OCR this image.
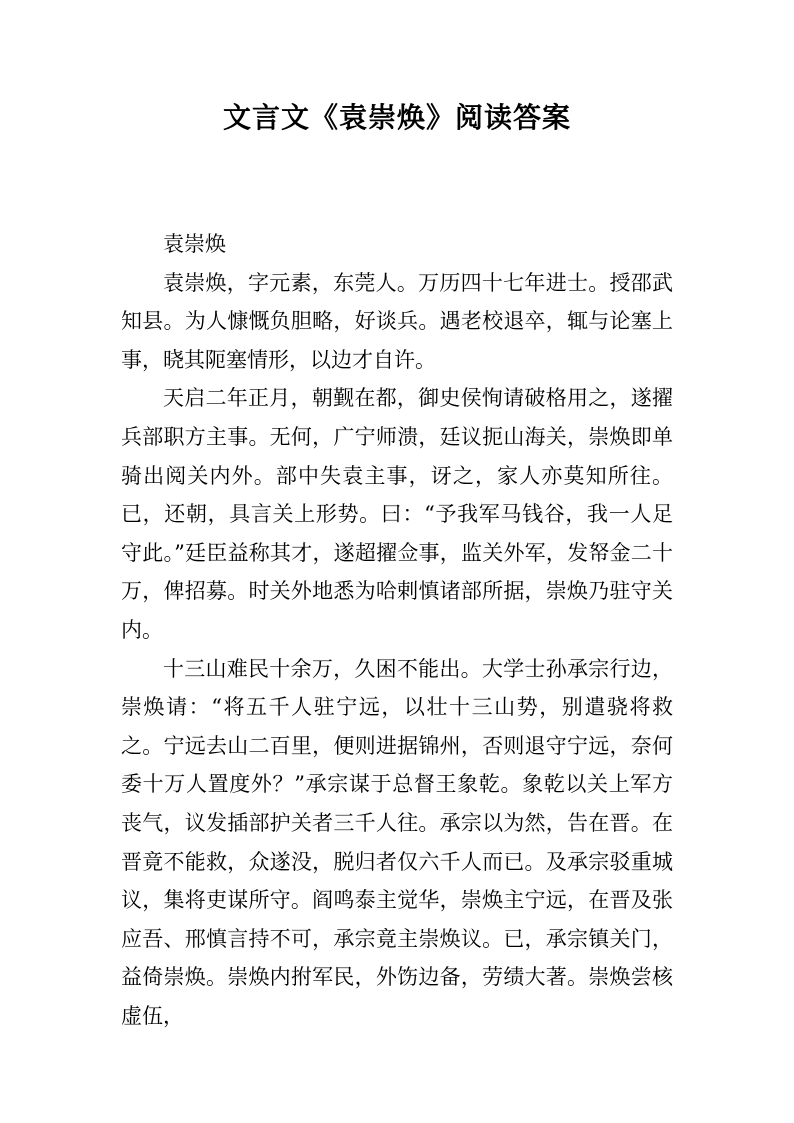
文言文《袁崇焕》阅读答案

袁崇焕

袁崇焕，字元素，东莞人。万历四十七年进士。授邵武知县。为人慷慨负胆略，好谈兵。遇老校退卒，辄与论塞上事，晓其阨塞情形，以边才自许。

天启二年正月，朝觐在都，御史侯恂请破格用之，遂擢兵部职方主事。无何，广宁师溃，廷议扼山海关，崇焕即单骑出阅关内外。部中失袁主事，讶之，家人亦莫知所往。已，还朝，具言关上形势。曰：“予我军马钱谷，我一人足守此。”廷臣益称其才，遂超擢佥事，监关外军，发帑金二十万，俾招募。时关外地悉为哈剌慎诸部所据，崇焕乃驻守关内。

十三山难民十余万，久困不能出。大学士孙承宗行边，崇焕请：“将五千人驻宁远，以壮十三山势，别遣骁将救之。宁远去山二百里，便则进据锦州，否则退守宁远，奈何委十万人置度外？”承宗谋于总督王象乾。象乾以关上军方丧气，议发插部护关者三千人往。承宗以为然，告在晋。在晋竟不能救，众遂没，脱归者仅六千人而已。及承宗驳重城议，集将吏谋所守。阎鸣泰主觉华，崇焕主宁远，在晋及张应吾、邢慎言持不可，承宗竟主崇焕议。已，承宗镇关门，益倚崇焕。崇焕内拊军民，外饬边备，劳绩大著。崇焕尝核虚伍，
